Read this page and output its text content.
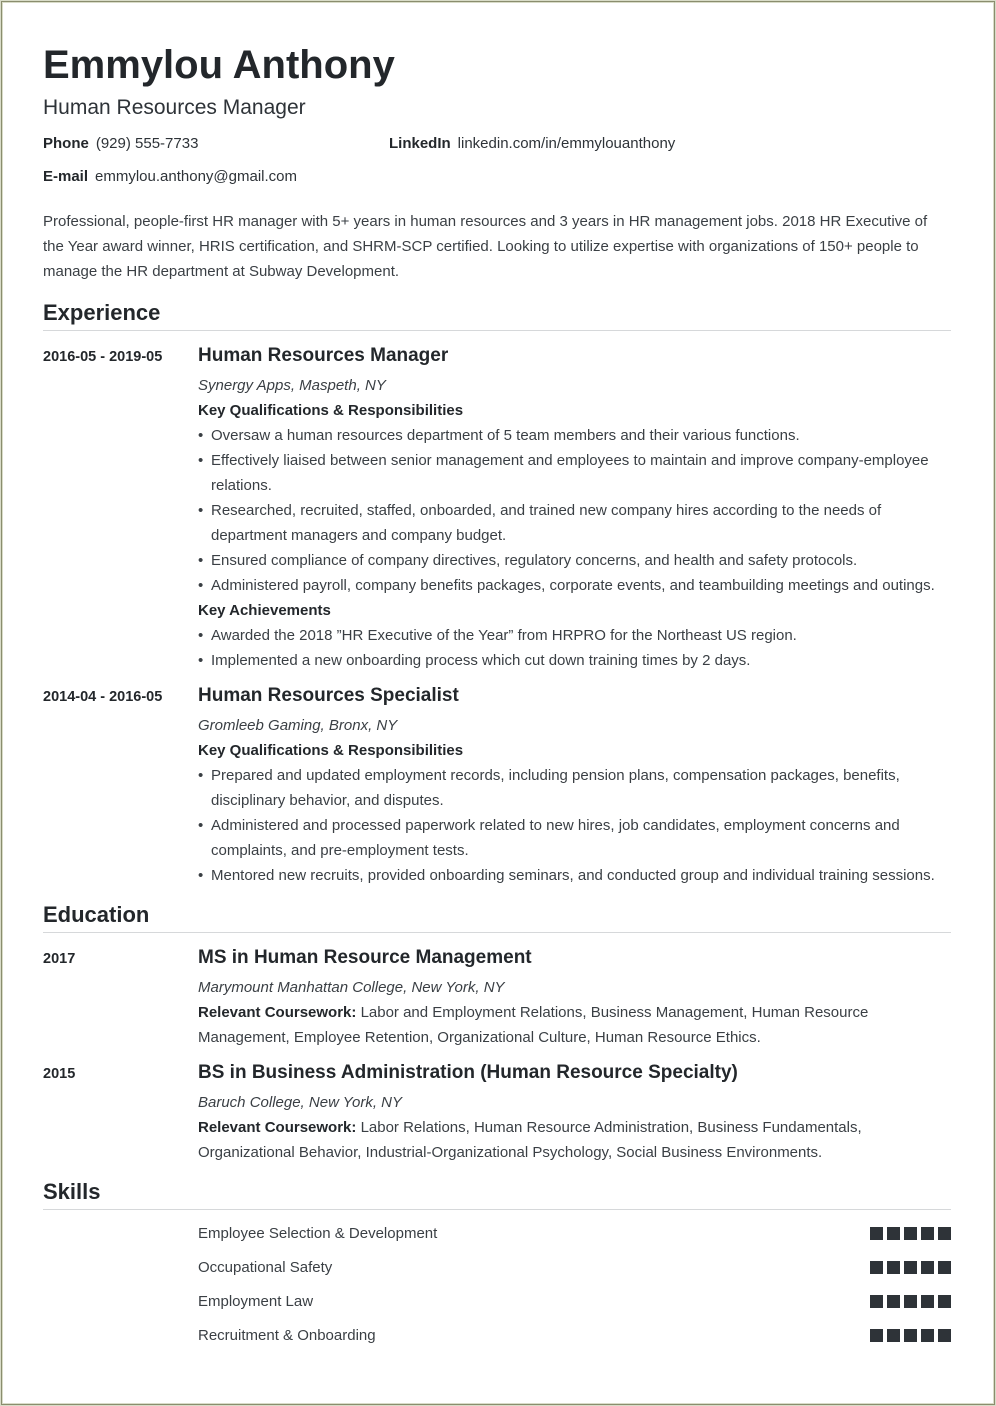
Emmylou Anthony
Human Resources Manager
Phone (929) 555-7733	LinkedIn linkedin.com/in/emmylouanthony
E-mail emmylou.anthony@gmail.com
Professional, people-first HR manager with 5+ years in human resources and 3 years in HR management jobs. 2018 HR Executive of the Year award winner, HRIS certification, and SHRM-SCP certified. Looking to utilize expertise with organizations of 150+ people to manage the HR department at Subway Development.
Experience
2016-05 - 2019-05	Human Resources Manager
Synergy Apps, Maspeth, NY
Key Qualifications & Responsibilities
• Oversaw a human resources department of 5 team members and their various functions.
• Effectively liaised between senior management and employees to maintain and improve company-employee relations.
• Researched, recruited, staffed, onboarded, and trained new company hires according to the needs of department managers and company budget.
• Ensured compliance of company directives, regulatory concerns, and health and safety protocols.
• Administered payroll, company benefits packages, corporate events, and teambuilding meetings and outings.
Key Achievements
• Awarded the 2018 ”HR Executive of the Year” from HRPRO for the Northeast US region.
• Implemented a new onboarding process which cut down training times by 2 days.
2014-04 - 2016-05	Human Resources Specialist
Gromleeb Gaming, Bronx, NY
Key Qualifications & Responsibilities
• Prepared and updated employment records, including pension plans, compensation packages, benefits, disciplinary behavior, and disputes.
• Administered and processed paperwork related to new hires, job candidates, employment concerns and complaints, and pre-employment tests.
• Mentored new recruits, provided onboarding seminars, and conducted group and individual training sessions.
Education
2017	MS in Human Resource Management
Marymount Manhattan College, New York, NY
Relevant Coursework: Labor and Employment Relations, Business Management, Human Resource Management, Employee Retention, Organizational Culture, Human Resource Ethics.
2015	BS in Business Administration (Human Resource Specialty)
Baruch College, New York, NY
Relevant Coursework: Labor Relations, Human Resource Administration, Business Fundamentals, Organizational Behavior, Industrial-Organizational Psychology, Social Business Environments.
Skills
Employee Selection & Development
Occupational Safety
Employment Law
Recruitment & Onboarding
